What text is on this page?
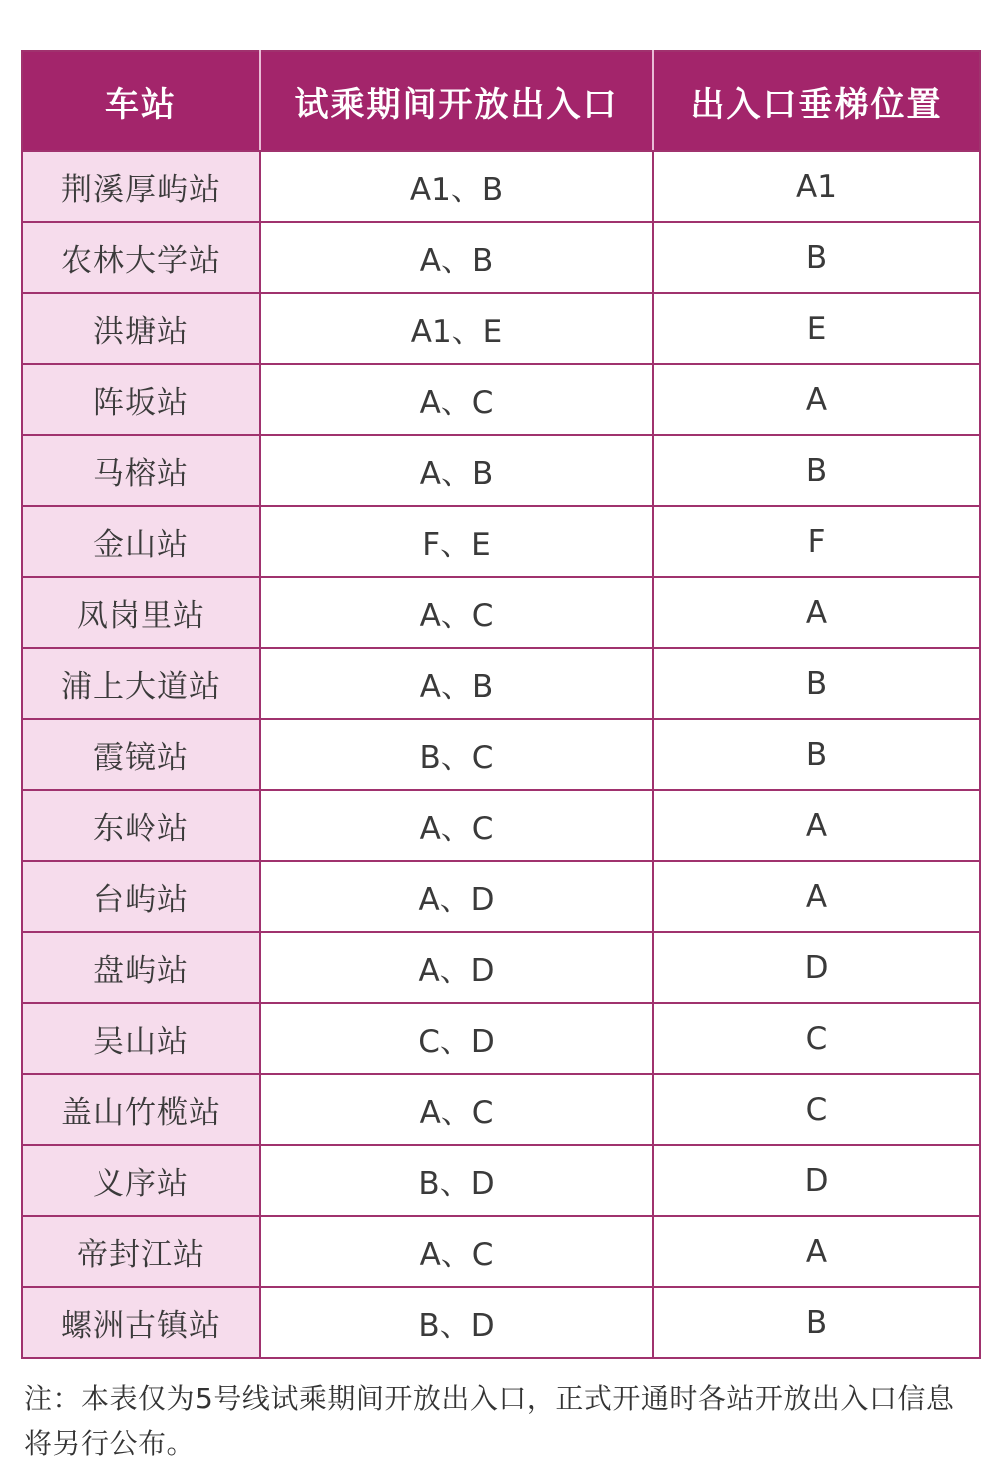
车站	试乘期间开放出入口	出入口垂梯位置
荆溪厚屿站	A1、B	A1
农林大学站	A、B	B
洪塘站	A1、E	E
阵坂站	A、C	A
马榕站	A、B	B
金山站	F、E	F
凤岗里站	A、C	A
浦上大道站	A、B	B
霞镜站	B、C	B
东岭站	A、C	A
台屿站	A、D	A
盘屿站	A、D	D
吴山站	C、D	C
盖山竹榄站	A、C	C
义序站	B、D	D
帝封江站	A、C	A
螺洲古镇站	B、D	B
注：本表仅为5号线试乘期间开放出入口，正式开通时各站开放出入口信息将另行公布。
